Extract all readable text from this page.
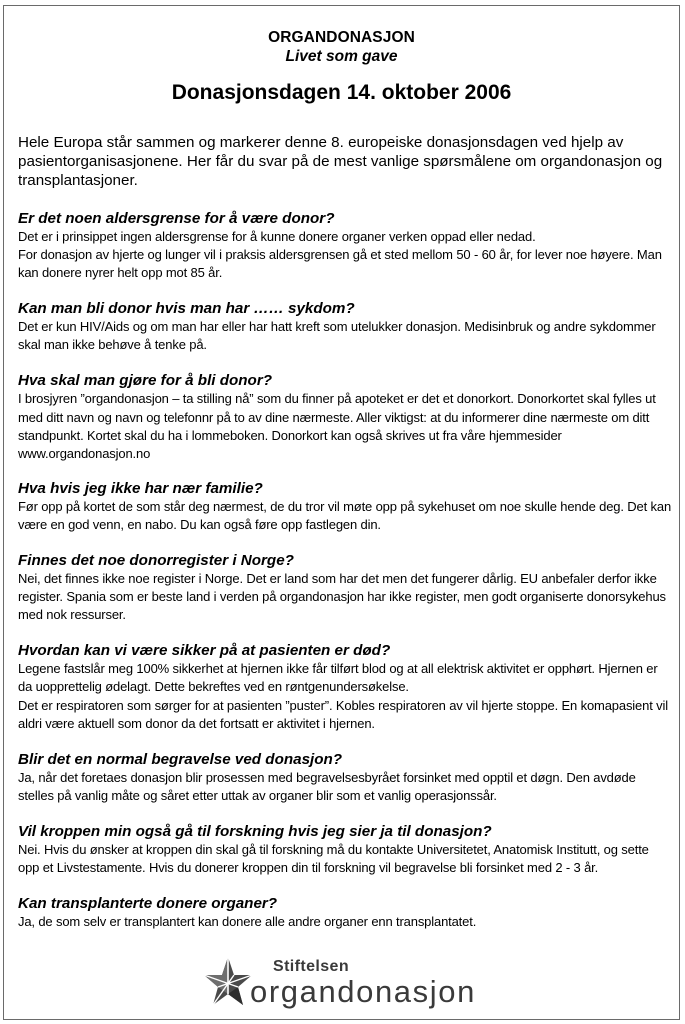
ORGANDONASJON
Livet som gave
Donasjonsdagen 14. oktober 2006
Hele Europa står sammen og markerer denne 8. europeiske donasjonsdagen ved hjelp av pasientorganisasjonene. Her får du svar på de mest vanlige spørsmålene om organdonasjon og transplantasjoner.
Er det noen aldersgrense for å være donor?

Det er i prinsippet ingen aldersgrense for å kunne donere organer verken oppad eller nedad.

For donasjon av hjerte og lunger vil i praksis aldersgrensen gå et sted mellom 50 - 60 år, for lever noe høyere. Man kan donere nyrer helt opp mot 85 år.

Kan man bli donor hvis man har …… sykdom?

Det er kun HIV/Aids og om man har eller har hatt kreft som utelukker donasjon. Medisinbruk og andre sykdommer skal man ikke behøve å tenke på.

Hva skal man gjøre for å bli donor?

I brosjyren ”organdonasjon – ta stilling nå” som du finner på apoteket er det et donorkort. Donorkortet skal fylles ut med ditt navn og navn og telefonnr på to av dine nærmeste. Aller viktigst: at du informerer dine nærmeste om ditt standpunkt. Kortet skal du ha i lommeboken. Donorkort kan også skrives ut fra våre hjemmesider www.organdonasjon.no

Hva hvis jeg ikke har nær familie?

Før opp på kortet de som står deg nærmest, de du tror vil møte opp på sykehuset om noe skulle hende deg. Det kan være en god venn, en nabo. Du kan også føre opp fastlegen din.

Finnes det noe donorregister i Norge?

Nei, det finnes ikke noe register i Norge. Det er land som har det men det fungerer dårlig. EU anbefaler derfor ikke register. Spania som er beste land i verden på organdonasjon har ikke register, men godt organiserte donorsykehus med nok ressurser.

Hvordan kan vi være sikker på at pasienten er død?

Legene fastslår meg 100% sikkerhet at hjernen ikke får tilført blod og at all elektrisk aktivitet er opphørt. Hjernen er da uopprettelig ødelagt. Dette bekreftes ved en røntgenundersøkelse.

Det er respiratoren som sørger for at pasienten ”puster”. Kobles respiratoren av vil hjerte stoppe. En komapasient vil aldri være aktuell som donor da det fortsatt er aktivitet i hjernen.

Blir det en normal begravelse ved donasjon?

Ja, når det foretaes donasjon blir prosessen med begravelsesbyrået forsinket med opptil et døgn. Den avdøde stelles på vanlig måte og såret etter uttak av organer blir som et vanlig operasjonssår.

Vil kroppen min også gå til forskning hvis jeg sier ja til donasjon?

Nei. Hvis du ønsker at kroppen din skal gå til forskning må du kontakte Universitetet, Anatomisk Institutt, og sette opp et Livstestamente. Hvis du donerer kroppen din til forskning vil begravelse bli forsinket med 2 - 3 år.

Kan transplanterte donere organer?

Ja, de som selv er transplantert kan donere alle andre organer enn transplantatet.

Stiftelsen
organdonasjon
